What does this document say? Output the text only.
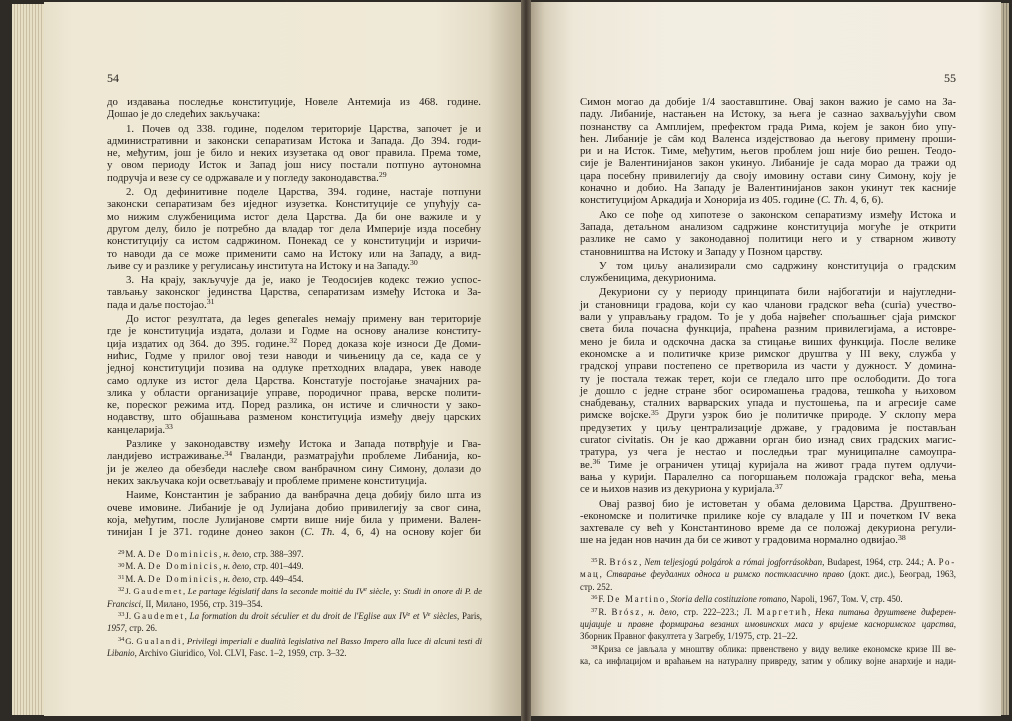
54
до издавања последње конституције, Новеле Антемија из 468. године.
Дошао је до следећих закључака:
1. Почев од 338. године, поделом територије Царства, започет је и
административни и законски сепаратизам Истока и Запада. До 394. годи-
не, међутим, још је било и неких изузетака од овог правила. Према томе,
у овом периоду Исток и Запад још нису постали потпуно аутономна
подручја и везе су се одржавале и у погледу законодавства.$^{29}$
2. Од дефинитивне поделе Царства, 394. године, настаје потпуни
законски сепаратизам без иједног изузетка. Конституције се упућују са-
мо нижим службеницима истог дела Царства. Да би оне важиле и у
другом делу, било је потребно да владар тог дела Империје изда посебну
конституцију са истом садржином. Понекад се у конституцији и изричи-
то наводи да се може применити само на Истоку или на Западу, а вид-
љиве су и разлике у регулисању института на Истоку и на Западу.$^{30}$
3. На крају, закључује да је, иако је Теодосијев кодекс тежио успос-
тављању законског јединства Царства, сепаратизам између Истока и За-
пада и даље постојао.$^{31}$
До истог резултата, да leges generales немају примену ван територије
где је конституција издата, долази и Годме на основу анализе конститу-
ција издатих од 364. до 395. године.$^{32}$ Поред доказа које износи Де Доми-
нићис, Годме у прилог овој тези наводи и чињеницу да се, када се у
једној конституцији позива на одлуке претходних владара, увек наводе
само одлуке из истог дела Царства. Констатује постојање значајних ра-
злика у области организације управе, породичног права, верске полити-
ке, пореског режима итд. Поред разлика, он истиче и сличности у зако-
нодавству, што објашњава разменом конституција између двеју царских
канцеларија.$^{33}$
Разлике у законодавству између Истока и Запада потврђује и Гва-
ландијево истраживање.$^{34}$ Гваланди, разматрајући проблеме Либанија, ко-
ји је желео да обезбеди наслеђе свом ванбрачном сину Симону, долази до
неких закључака који осветљавају и проблеме примене конституција.
Наиме, Константин је забранио да ванбрачна деца добију било шта из
очеве имовине. Либаније је од Јулијана добио привилегију за свог сина,
која, међутим, после Јулијанове смрти више није била у примени. Вален-
тинијан I је 371. године донео закон (C. Th. 4, 6, 4) на основу којег би
$^{29}$M. A. De Dominicis, н. дело, стр. 388–397.
$^{30}$M. A. De Dominicis, н. дело, стр. 401–449.
$^{31}$M. A. De Dominicis, н. дело, стр. 449–454.
$^{32}$J. Gaudemet, Le partage législatif dans la seconde moitié du IVe siècle, у: Studi in onore di P. de
Francisci, II, Милано, 1956, стр. 319–354.
$^{33}$J. Gaudemet, La formation du droit séculier et du droit de l'Eglise aux IVe et Ve siècles, Paris,
1957, стр. 26.
$^{34}$G. Gualandi, Privilegi imperiali e dualità legislativa nel Basso Impero alla luce di alcuni testi di
Libanio, Archivo Giuridico, Vol. CLVI, Fasc. 1–2, 1959, стр. 3–32.
55
Симон могао да добије 1/4 заоставштине. Овај закон важио је само на За-
паду. Либаније, настањен на Истоку, за њега је сазнао захваљујући свом
познанству са Амплијем, префектом града Рима, којем је закон био упу-
ћен. Либаније је сâм код Валенса издејствовао да његову примену проши-
ри и на Исток. Тиме, међутим, његов проблем још није био решен. Теодо-
сије је Валентинијанов закон укинуо. Либаније је сада морао да тражи од
цара посебну привилегију да своју имовину остави сину Симону, коју је
коначно и добио. На Западу је Валентинијанов закон укинут тек касније
конституцијом Аркадија и Хонорија из 405. године (C. Th. 4, 6, 6).
Ако се пође од хипотезе о законском сепаратизму између Истока и
Запада, детаљном анализом садржине конституција могуће је открити
разлике не само у законодавној политици него и у стварном животу
становништва на Истоку и Западу у Позном царству.
У том циљу анализирали смо садржину конституција о градским
службеницима, декурионима.
Декуриони су у периоду принципата били најбогатији и најугледни-
ји становници градова, који су као чланови градског већа (curia) учество-
вали у управљању градом. То је у доба највећег спољашњег сјаја римског
света била почасна функција, праћена разним привилегијама, а истовре-
мено је била и одскочна даска за стицање виших функција. После велике
економске а и политичке кризе римског друштва у III веку, служба у
градској управи постепено се претворила из части у дужност. У домина-
ту је постала тежак терет, који се гледало што пре ослободити. До тога
је дошло с једне стране због осиромашења градова, тешкоћа у њиховом
снабдевању, сталних варварских упада и пустошења, па и агресије саме
римске војске.$^{35}$ Други узрок био је политичке природе. У склопу мера
предузетих у циљу централизације државе, у градовима је постављан
curator civitatis. Он је као државни орган био изнад свих градских магис-
тратура, уз чега је нестао и последњи траг муниципалне самоупра-
ве.$^{36}$ Тиме је ограничен утицај куријала на живот града путем одлучи-
вања у курији. Паралелно са погоршањем положаја градског већа, мења
се и њихов назив из декуриона у куријала.$^{37}$
Овај развој био је истоветан у обама деловима Царства. Друштвено-
-економске и политичке прилике које су владале у III и почетком IV века
захтевале су већ у Константиново време да се положај декуриона регули-
ше на један нов начин да би се живот у градовима нормално одвијао.$^{38}$
$^{35}$R. Brósz, Nem teljesjogú polgárok a római jogforrásokban, Budapest, 1964, стр. 244.; А. Ро-
мац, Стварање феудалних односа и римско посткласично право (докт. дис.), Београд, 1963,
стр. 252.
$^{36}$F. De Martino, Storia della costituzione romano, Napoli, 1967, Том. V, стр. 450.
$^{37}$R. Brósz, н. дело, стр. 222–223.; Л. Маргетић, Нека питања друштвене диферен-
цијације и правне формирања везаних имовинских маса у вријеме касноримског царства,
Зборник Правног факултета у Загребу, 1/1975, стр. 21–22.
$^{38}$Криза се јављала у мноштву облика: првенствено у виду велике економске кризе III ве-
ка, са инфлацијом и враћањем на натуралну привреду, затим у облику војне анархије и нади-
